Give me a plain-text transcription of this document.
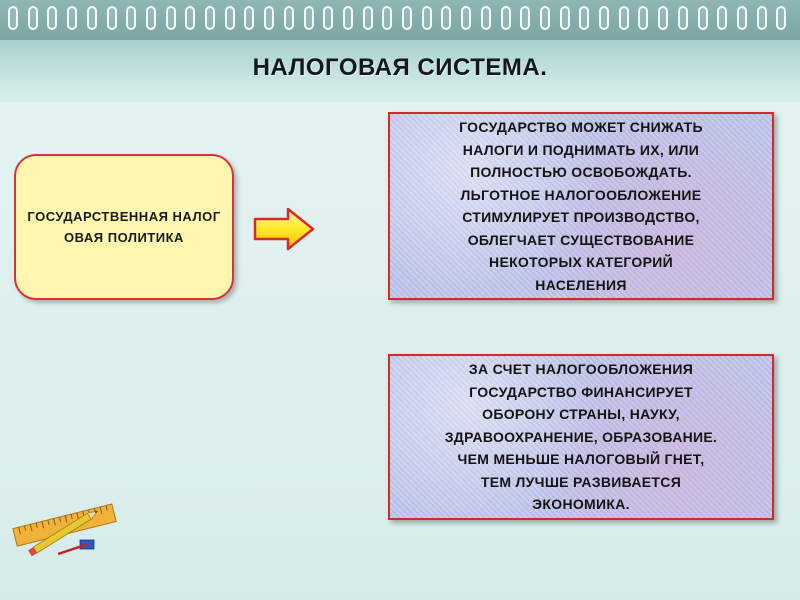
НАЛОГОВАЯ СИСТЕМА.
ГОСУДАРСТВЕННАЯ НАЛОГОВАЯ ПОЛИТИКА
ГОСУДАРСТВО МОЖЕТ СНИЖАТЬ
НАЛОГИ И ПОДНИМАТЬ ИХ, ИЛИ
ПОЛНОСТЬЮ ОСВОБОЖДАТЬ.
ЛЬГОТНОЕ НАЛОГООБЛОЖЕНИЕ
СТИМУЛИРУЕТ ПРОИЗВОДСТВО,
ОБЛЕГЧАЕТ СУЩЕСТВОВАНИЕ
НЕКОТОРЫХ КАТЕГОРИЙ
НАСЕЛЕНИЯ
ЗА СЧЕТ НАЛОГООБЛОЖЕНИЯ
ГОСУДАРСТВО ФИНАНСИРУЕТ
ОБОРОНУ СТРАНЫ, НАУКУ,
ЗДРАВООХРАНЕНИЕ, ОБРАЗОВАНИЕ.
ЧЕМ МЕНЬШЕ НАЛОГОВЫЙ ГНЕТ,
ТЕМ ЛУЧШЕ РАЗВИВАЕТСЯ
ЭКОНОМИКА.
